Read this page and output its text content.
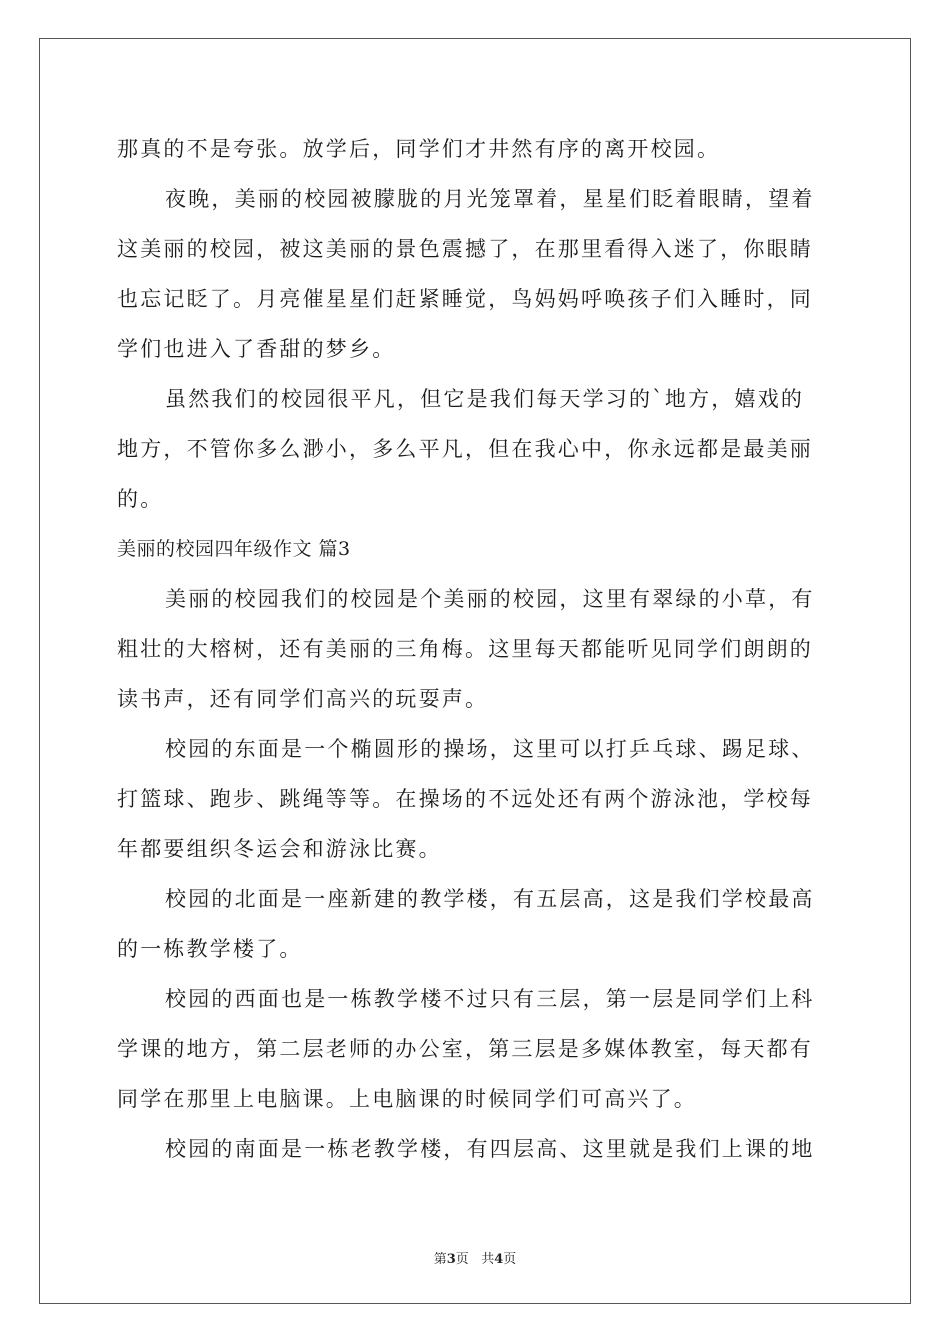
那真的不是夸张。放学后，同学们才井然有序的离开校园。
夜晚，美丽的校园被朦胧的月光笼罩着，星星们眨着眼睛，望着
这美丽的校园，被这美丽的景色震撼了，在那里看得入迷了，你眼睛
也忘记眨了。月亮催星星们赶紧睡觉，鸟妈妈呼唤孩子们入睡时，同
学们也进入了香甜的梦乡。
虽然我们的校园很平凡，但它是我们每天学习的`地方，嬉戏的
地方，不管你多么渺小，多么平凡，但在我心中，你永远都是最美丽
的。
美丽的校园四年级作文 篇3
美丽的校园我们的校园是个美丽的校园，这里有翠绿的小草，有
粗壮的大榕树，还有美丽的三角梅。这里每天都能听见同学们朗朗的
读书声，还有同学们高兴的玩耍声。
校园的东面是一个椭圆形的操场，这里可以打乒乓球、踢足球、
打篮球、跑步、跳绳等等。在操场的不远处还有两个游泳池，学校每
年都要组织冬运会和游泳比赛。
校园的北面是一座新建的教学楼，有五层高，这是我们学校最高
的一栋教学楼了。
校园的西面也是一栋教学楼不过只有三层，第一层是同学们上科
学课的地方，第二层老师的办公室，第三层是多媒体教室，每天都有
同学在那里上电脑课。上电脑课的时候同学们可高兴了。
校园的南面是一栋老教学楼，有四层高、这里就是我们上课的地
第3页 共4页
